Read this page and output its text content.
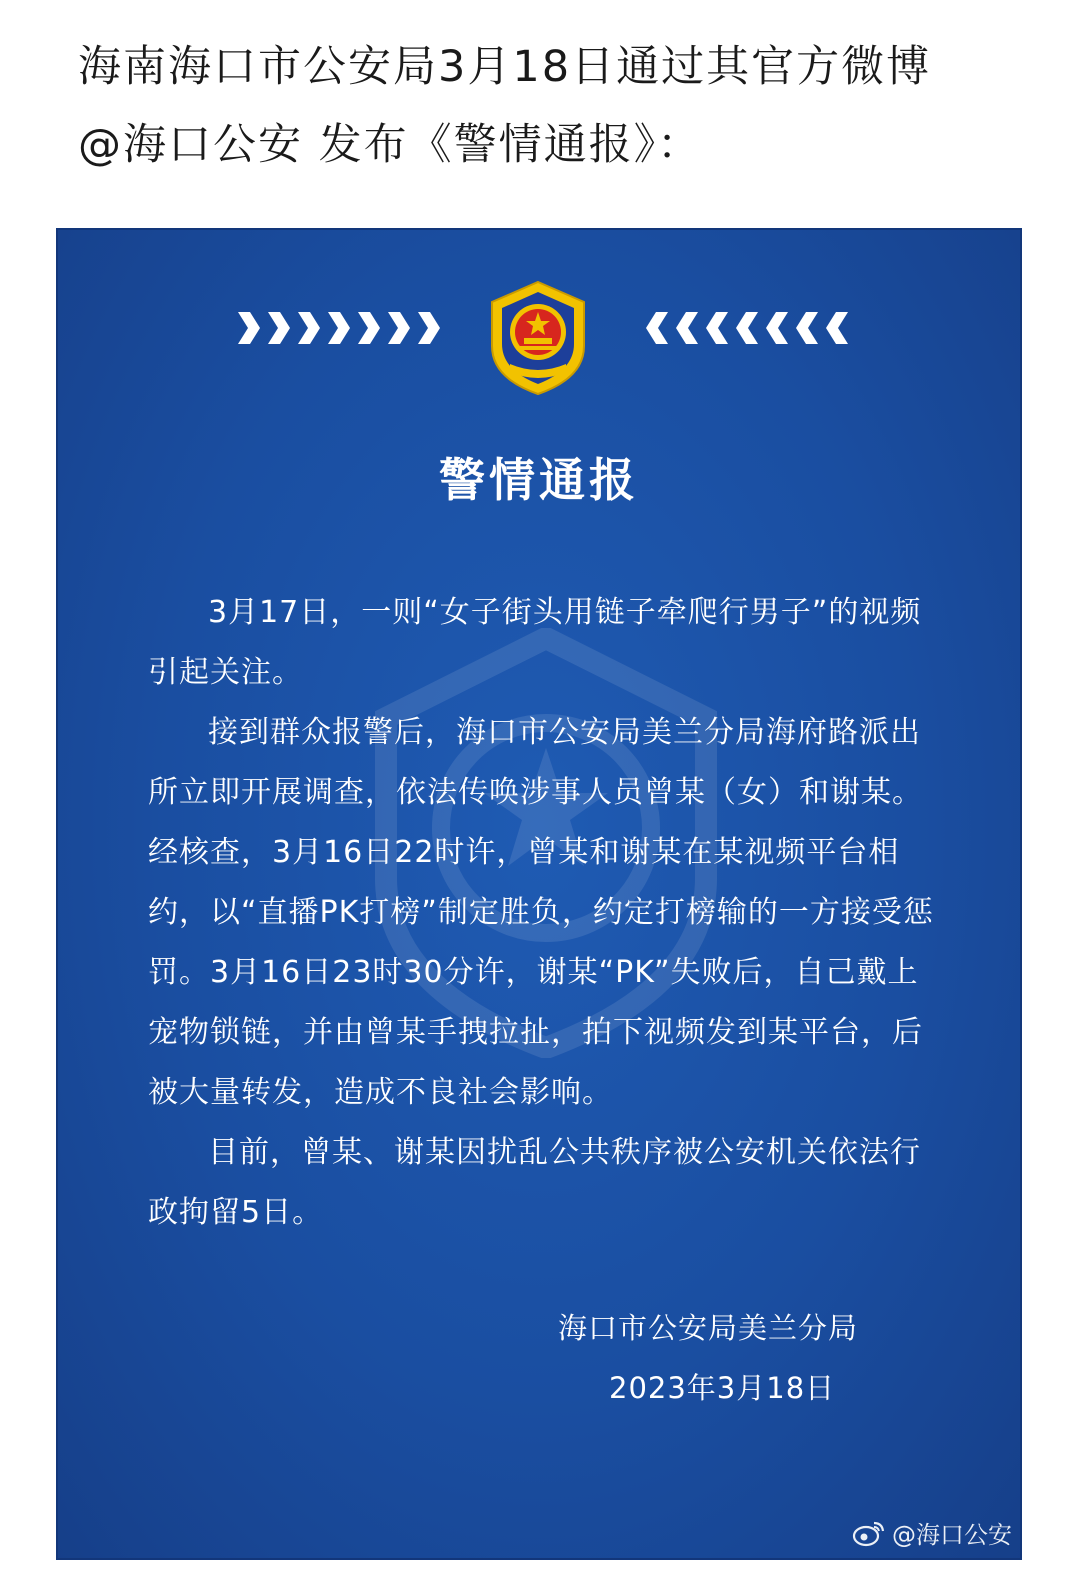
海南海口市公安局3月18日通过其官方微博
@海口公安 发布《警情通报》：
警情通报

3月17日，一则“女子街头用链子牵爬行男子”的视频引起关注。

接到群众报警后，海口市公安局美兰分局海府路派出所立即开展调查，依法传唤涉事人员曾某（女）和谢某。经核查，3月16日22时许，曾某和谢某在某视频平台相约，以“直播PK打榜”制定胜负，约定打榜输的一方接受惩罚。3月16日23时30分许，谢某“PK”失败后，自己戴上宠物锁链，并由曾某手拽拉扯，拍下视频发到某平台，后被大量转发，造成不良社会影响。

目前，曾某、谢某因扰乱公共秩序被公安机关依法行政拘留5日。

海口市公安局美兰分局
2023年3月18日
@海口公安
